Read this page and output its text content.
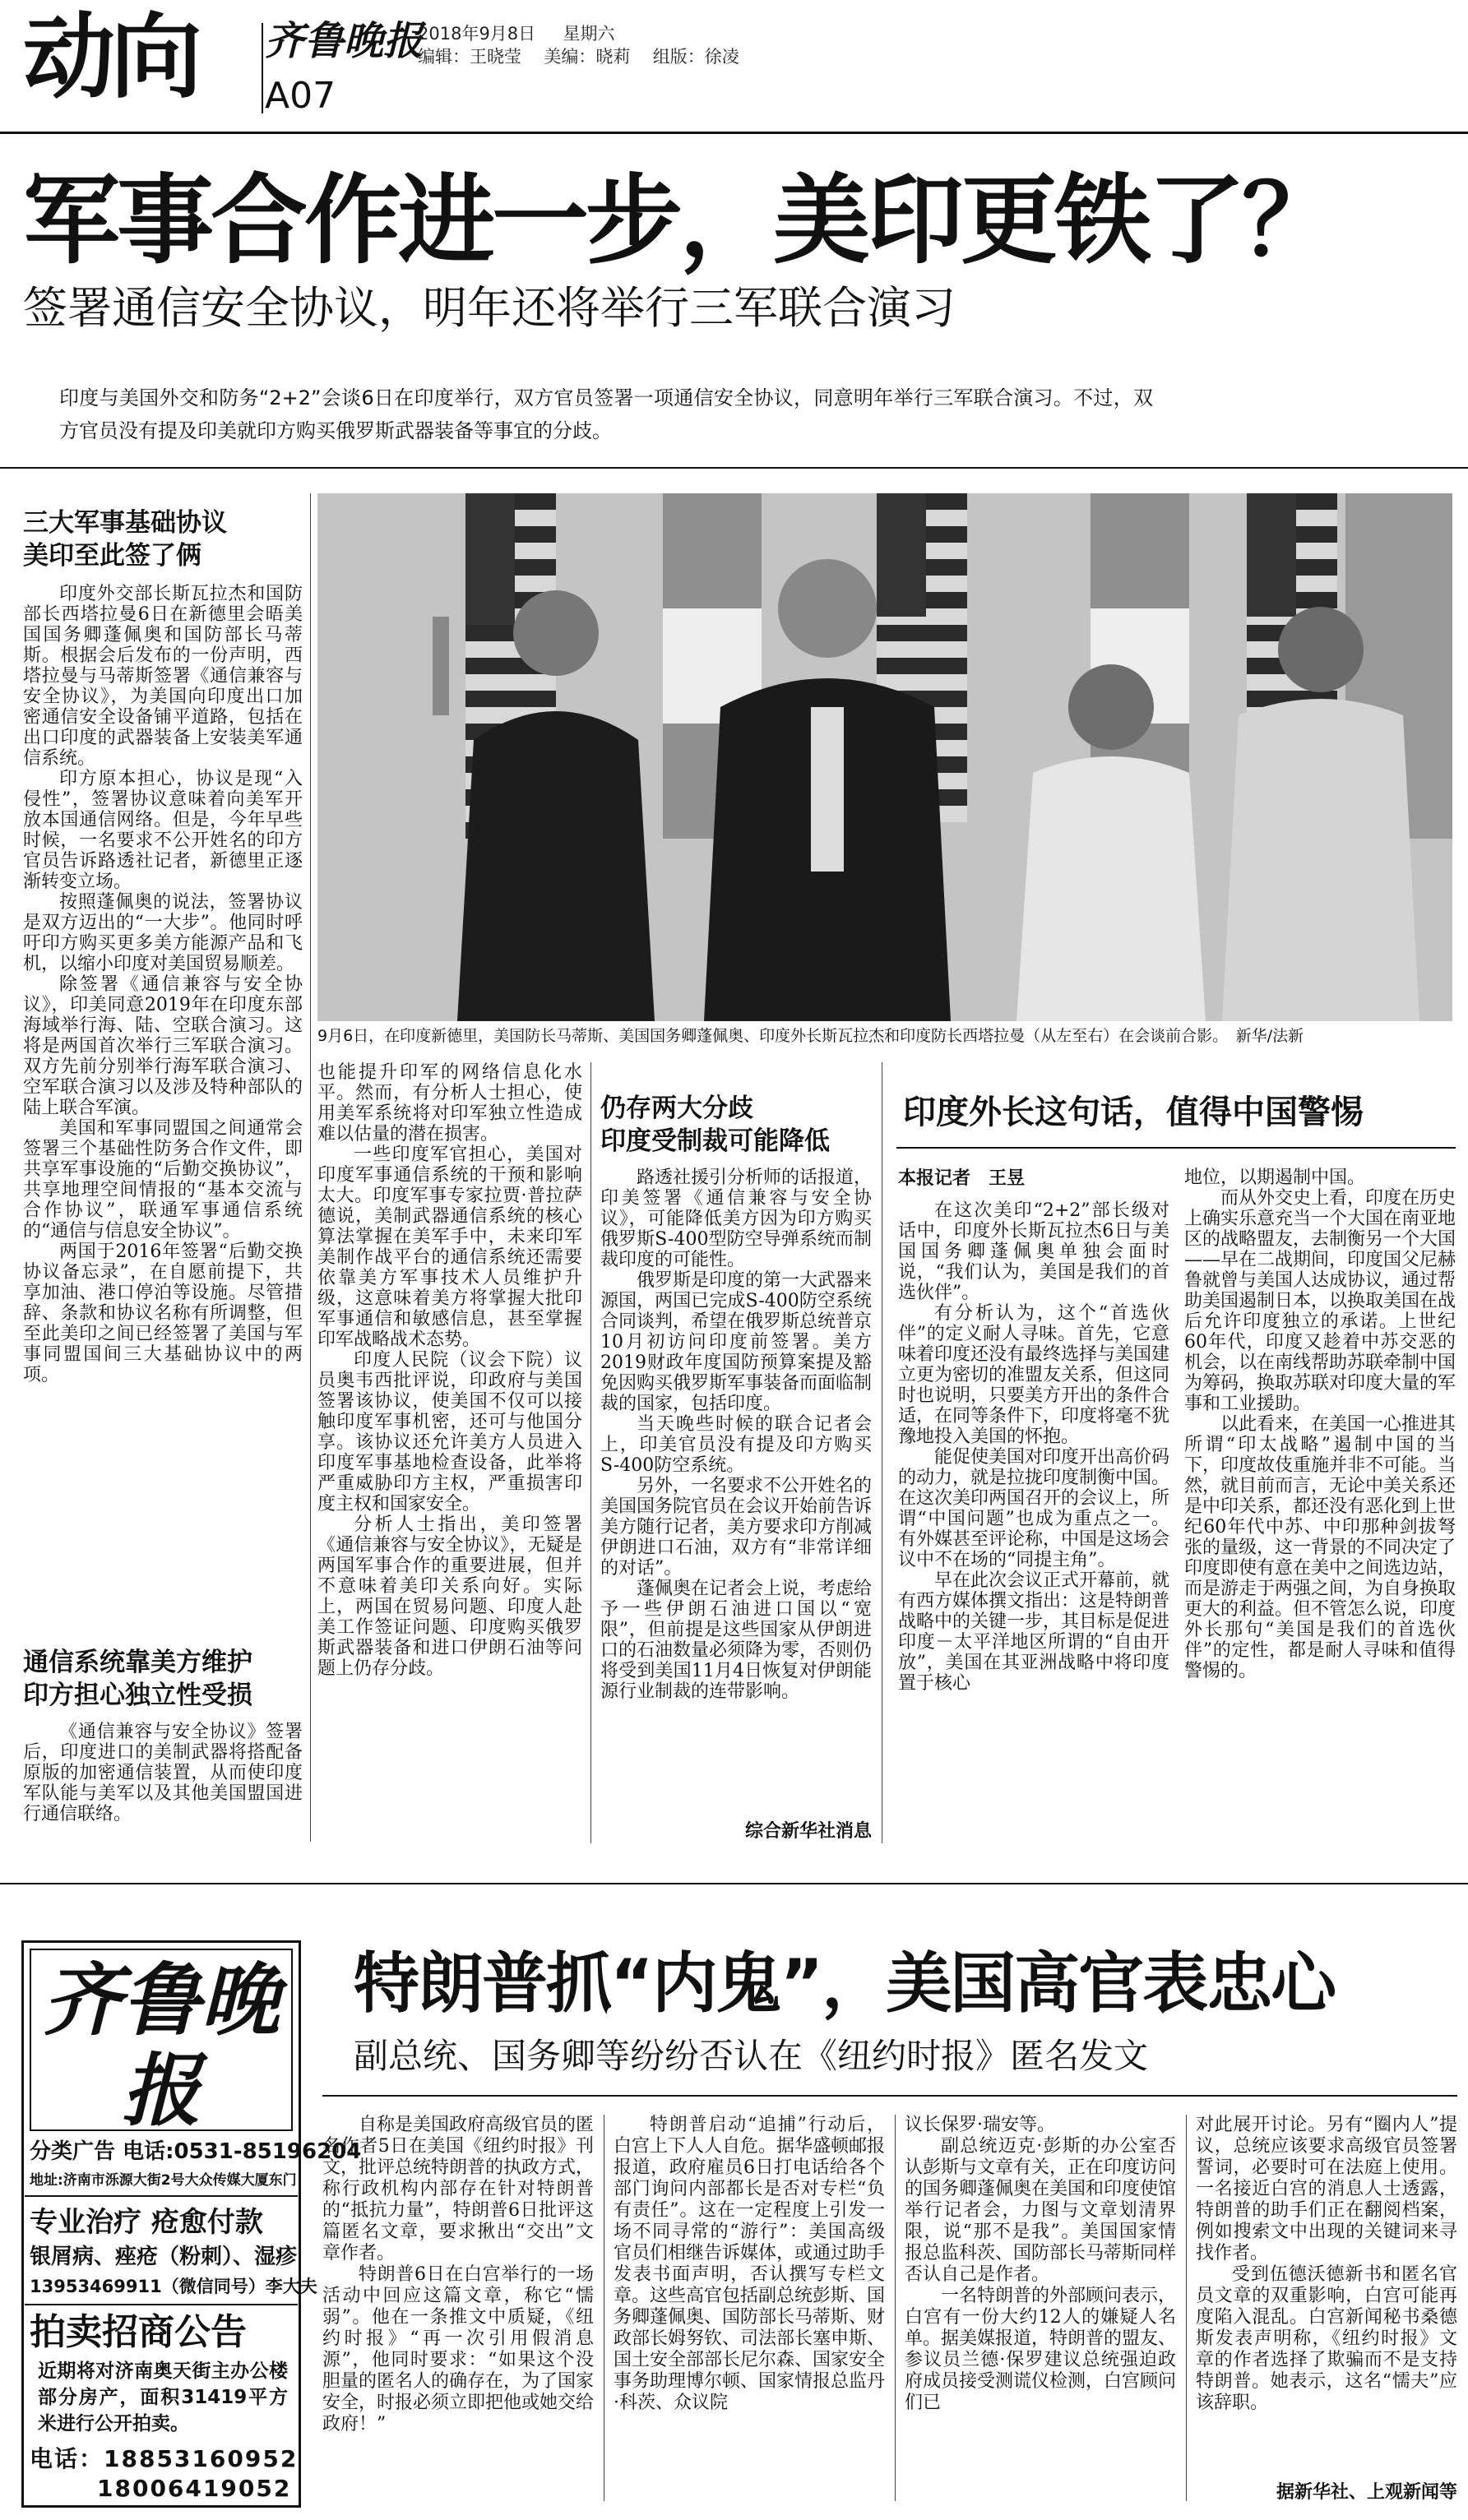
动向 齐鲁晚报
A07
2018年9月8日 星期六
编辑：王晓莹 美编：晓莉 组版：徐凌
军事合作进一步，美印更铁了？
签署通信安全协议，明年还将举行三军联合演习
印度与美国外交和防务“2+2”会谈6日在印度举行，双方官员签署一项通信安全协议，同意明年举行三军联合演习。不过，双方官员没有提及印美就印方购买俄罗斯武器装备等事宜的分歧。
三大军事基础协议
美印至此签了俩

印度外交部长斯瓦拉杰和国防部长西塔拉曼6日在新德里会晤美国国务卿蓬佩奥和国防部长马蒂斯。根据会后发布的一份声明，西塔拉曼与马蒂斯签署《通信兼容与安全协议》，为美国向印度出口加密通信安全设备铺平道路，包括在出口印度的武器装备上安装美军通信系统。

印方原本担心，协议是现“入侵性”，签署协议意味着向美军开放本国通信网络。但是，今年早些时候，一名要求不公开姓名的印方官员告诉路透社记者，新德里正逐渐转变立场。

按照蓬佩奥的说法，签署协议是双方迈出的“一大步”。他同时呼吁印方购买更多美方能源产品和飞机，以缩小印度对美国贸易顺差。

除签署《通信兼容与安全协议》，印美同意2019年在印度东部海域举行海、陆、空联合演习。这将是两国首次举行三军联合演习。双方先前分别举行海军联合演习、空军联合演习以及涉及特种部队的陆上联合军演。

美国和军事同盟国之间通常会签署三个基础性防务合作文件，即共享军事设施的“后勤交换协议”，共享地理空间情报的“基本交流与合作协议”，联通军事通信系统的“通信与信息安全协议”。

两国于2016年签署“后勤交换协议备忘录”，在自愿前提下，共享加油、港口停泊等设施。尽管措辞、条款和协议名称有所调整，但至此美印之间已经签署了美国与军事同盟国间三大基础协议中的两项。

通信系统靠美方维护
印方担心独立性受损

《通信兼容与安全协议》签署后，印度进口的美制武器将搭配备原版的加密通信装置，从而使印度军队能与美军以及其他美国盟国进行通信联络。

9月6日，在印度新德里，美国防长马蒂斯、美国国务卿蓬佩奥、印度外长斯瓦拉杰和印度防长西塔拉曼（从左至右）在会谈前合影。　新华/法新

也能提升印军的网络信息化水平。然而，有分析人士担心，使用美军系统将对印军独立性造成难以估量的潜在损害。

一些印度军官担心，美国对印度军事通信系统的干预和影响太大。印度军事专家拉贾·普拉萨德说，美制武器通信系统的核心算法掌握在美军手中，未来印军美制作战平台的通信系统还需要依靠美方军事技术人员维护升级，这意味着美方将掌握大批印军事通信和敏感信息，甚至掌握印军战略战术态势。

印度人民院（议会下院）议员奥韦西批评说，印政府与美国签署该协议，使美国不仅可以接触印度军事机密，还可与他国分享。该协议还允许美方人员进入印度军事基地检查设备，此举将严重威胁印方主权，严重损害印度主权和国家安全。

分析人士指出，美印签署《通信兼容与安全协议》，无疑是两国军事合作的重要进展，但并不意味着美印关系向好。实际上，两国在贸易问题、印度人赴美工作签证问题、印度购买俄罗斯武器装备和进口伊朗石油等问题上仍存分歧。

仍存两大分歧
印度受制裁可能降低

路透社援引分析师的话报道，印美签署《通信兼容与安全协议》，可能降低美方因为印方购买俄罗斯S-400型防空导弹系统而制裁印度的可能性。

俄罗斯是印度的第一大武器来源国，两国已完成S-400防空系统合同谈判，希望在俄罗斯总统普京10月初访问印度前签署。美方2019财政年度国防预算案提及豁免因购买俄罗斯军事装备而面临制裁的国家，包括印度。

当天晚些时候的联合记者会上，印美官员没有提及印方购买S-400防空系统。

另外，一名要求不公开姓名的美国国务院官员在会议开始前告诉美方随行记者，美方要求印方削减伊朗进口石油，双方有“非常详细的对话”。

蓬佩奥在记者会上说，考虑给予一些伊朗石油进口国以“宽限”，但前提是这些国家从伊朗进口的石油数量必须降为零，否则仍将受到美国11月4日恢复对伊朗能源行业制裁的连带影响。

综合新华社消息
印度外长这句话，值得中国警惕
本报记者　王昱

在这次美印“2+2”部长级对话中，印度外长斯瓦拉杰6日与美国国务卿蓬佩奥单独会面时说，“我们认为，美国是我们的首选伙伴”。

有分析认为，这个“首选伙伴”的定义耐人寻味。首先，它意味着印度还没有最终选择与美国建立更为密切的准盟友关系，但这同时也说明，只要美方开出的条件合适，在同等条件下，印度将毫不犹豫地投入美国的怀抱。

能促使美国对印度开出高价码的动力，就是拉拢印度制衡中国。在这次美印两国召开的会议上，所谓“中国问题”也成为重点之一。有外媒甚至评论称，中国是这场会议中不在场的“同提主角”。

早在此次会议正式开幕前，就有西方媒体撰文指出：这是特朗普战略中的关键一步，其目标是促进印度－太平洋地区所谓的“自由开放”，美国在其亚洲战略中将印度置于核心

地位，以期遏制中国。

而从外交史上看，印度在历史上确实乐意充当一个大国在南亚地区的战略盟友，去制衡另一个大国——早在二战期间，印度国父尼赫鲁就曾与美国人达成协议，通过帮助美国遏制日本，以换取美国在战后允许印度独立的承诺。上世纪60年代，印度又趁着中苏交恶的机会，以在南线帮助苏联牵制中国为筹码，换取苏联对印度大量的军事和工业援助。

以此看来，在美国一心推进其所谓“印太战略”遏制中国的当下，印度故伎重施并非不可能。当然，就目前而言，无论中美关系还是中印关系，都还没有恶化到上世纪60年代中苏、中印那种剑拔弩张的量级，这一背景的不同决定了印度即使有意在美中之间选边站，而是游走于两强之间，为自身换取更大的利益。但不管怎么说，印度外长那句“美国是我们的首选伙伴”的定性，都是耐人寻味和值得警惕的。

齐鲁晚报
分类广告 电话:0531-85196204
地址:济南市泺源大街2号大众传媒大厦东门
专业治疗 疮愈付款
银屑病、痤疮（粉刺）、湿疹
13953469911（微信同号）李大夫
拍卖招商公告
近期将对济南奥天街主办公楼部分房产，面积31419平方米进行公开拍卖。
电话：18853160952
18006419052
特朗普抓“内鬼”，美国高官表忠心
副总统、国务卿等纷纷否认在《纽约时报》匿名发文

自称是美国政府高级官员的匿名作者5日在美国《纽约时报》刊文，批评总统特朗普的执政方式，称行政机构内部存在针对特朗普的“抵抗力量”，特朗普6日批评这篇匿名文章，要求揪出“交出”文章作者。

特朗普6日在白宫举行的一场活动中回应这篇文章，称它“懦弱”。他在一条推文中质疑，《纽约时报》“再一次引用假消息源”，他同时要求：“如果这个没胆量的匿名人的确存在，为了国家安全，时报必须立即把他或她交给政府！”

特朗普启动“追捕”行动后，白宫上下人人自危。据华盛顿邮报报道，政府雇员6日打电话给各个部门询问内部都长是否对专栏“负有责任”。这在一定程度上引发一场不同寻常的“游行”：美国高级官员们相继告诉媒体，或通过助手发表书面声明，否认撰写专栏文章。这些高官包括副总统彭斯、国务卿蓬佩奥、国防部长马蒂斯、财政部长姆努钦、司法部长塞申斯、国土安全部部长尼尔森、国家安全事务助理博尔顿、国家情报总监丹·科茨、众议院

议长保罗·瑞安等。

副总统迈克·彭斯的办公室否认彭斯与文章有关，正在印度访问的国务卿蓬佩奥在美国和印度使馆举行记者会，力图与文章划清界限，说“那不是我”。美国国家情报总监科茨、国防部长马蒂斯同样否认自己是作者。

一名特朗普的外部顾问表示，白宫有一份大约12人的嫌疑人名单。据美媒报道，特朗普的盟友、参议员兰德·保罗建议总统强迫政府成员接受测谎仪检测，白宫顾问们已

对此展开讨论。另有“圈内人”提议，总统应该要求高级官员签署誓词，必要时可在法庭上使用。一名接近白宫的消息人士透露，特朗普的助手们正在翻阅档案，例如搜索文中出现的关键词来寻找作者。

受到伍德沃德新书和匿名官员文章的双重影响，白宫可能再度陷入混乱。白宫新闻秘书桑德斯发表声明称，《纽约时报》文章的作者选择了欺骗而不是支持特朗普。她表示，这名“懦夫”应该辞职。

据新华社、上观新闻等
